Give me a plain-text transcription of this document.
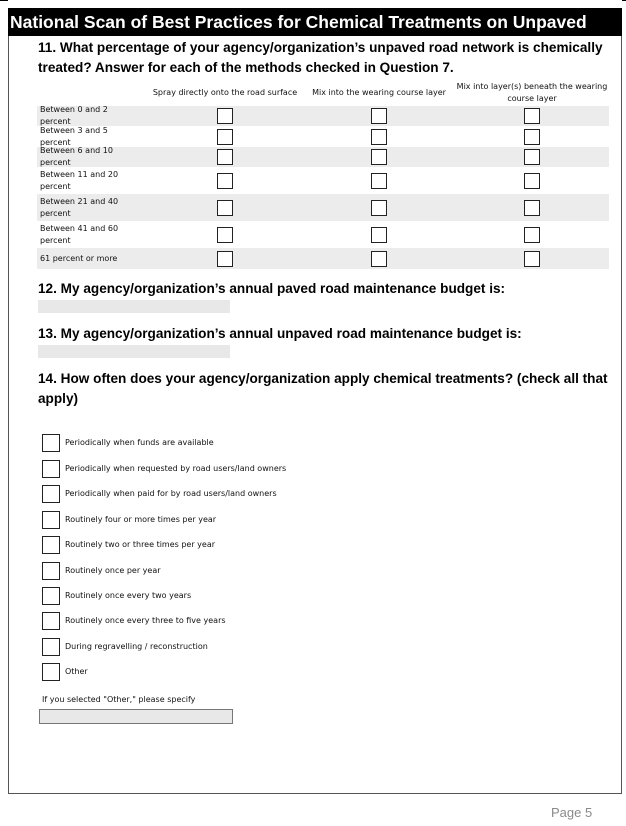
National Scan of Best Practices for Chemical Treatments on Unpaved
11. What percentage of your agency/organization’s unpaved road network is chemically
treated? Answer for each of the methods checked in Question 7.
Spray directly onto the road surface	Mix into the wearing course layer
Mix into layer(s) beneath the wearing course layer
Between 0 and 2 percent
Between 3 and 5 percent
Between 6 and 10 percent
Between 11 and 20 percent
Between 21 and 40 percent
Between 41 and 60 percent
61 percent or more
12. My agency/organization’s annual paved road maintenance budget is:
13. My agency/organization’s annual unpaved road maintenance budget is:
14. How often does your agency/organization apply chemical treatments? (check all that
apply)
Periodically when funds are available
Periodically when requested by road users/land owners
Periodically when paid for by road users/land owners
Routinely four or more times per year
Routinely two or three times per year
Routinely once per year
Routinely once every two years
Routinely once every three to five years
During regravelling / reconstruction
Other
If you selected "Other," please specify
Page 5
